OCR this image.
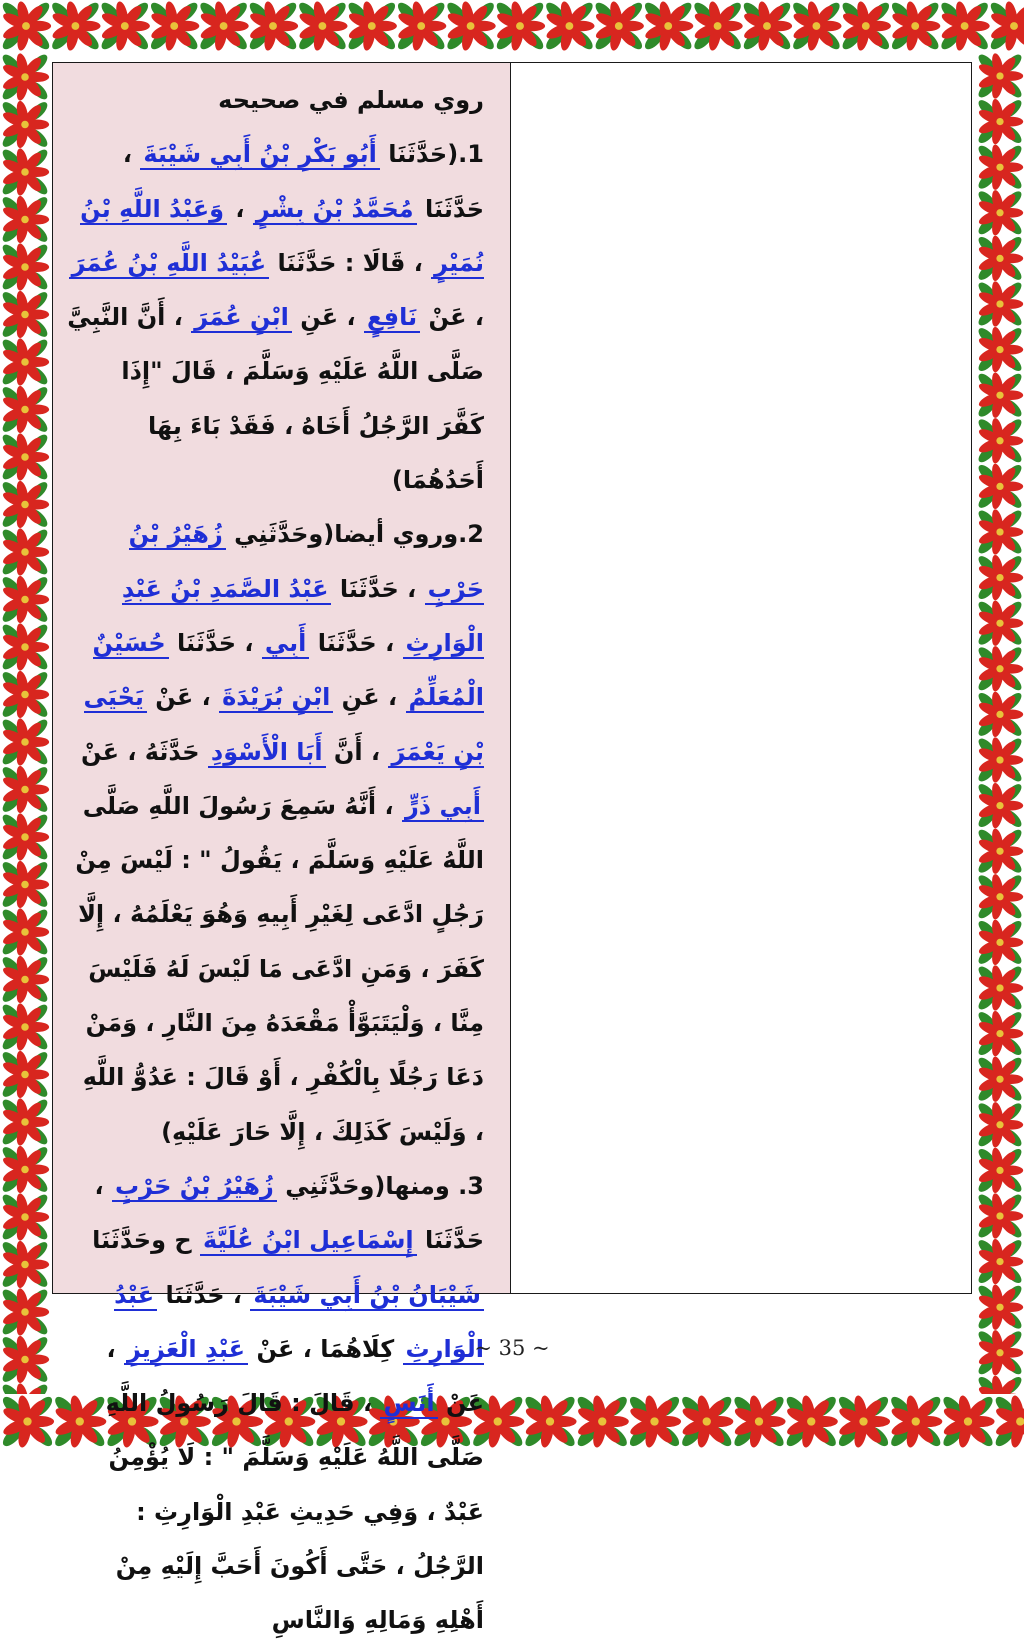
روي مسلم في صحيحه

1.(حَدَّثَنَا أَبُو بَكْرِ بْنُ أَبِي شَيْبَةَ ، حَدَّثَنَا مُحَمَّدُ بْنُ بِشْرٍ ، وَعَبْدُ اللَّهِ بْنُ نُمَيْرٍ ، قَالَا : حَدَّثَنَا عُبَيْدُ اللَّهِ بْنُ عُمَرَ ، عَنْ نَافِعٍ ، عَنِ ابْنِ عُمَرَ ، أَنَّ النَّبِيَّ صَلَّى اللَّهُ عَلَيْهِ وَسَلَّمَ ، قَالَ "إِذَا كَفَّرَ الرَّجُلُ أَخَاهُ ، فَقَدْ بَاءَ بِهَا أَحَدُهُمَا)

2.وروي أيضا(وحَدَّثَنِي زُهَيْرُ بْنُ حَرْبٍ ، حَدَّثَنَا عَبْدُ الصَّمَدِ بْنُ عَبْدِ الْوَارِثِ ، حَدَّثَنَا أَبِي ، حَدَّثَنَا حُسَيْنٌ الْمُعَلِّمُ ، عَنِ ابْنِ بُرَيْدَةَ ، عَنْ يَحْيَى بْنِ يَعْمَرَ ، أَنَّ أَبَا الْأَسْوَدِ حَدَّثَهُ ، عَنْ أَبِي ذَرٍّ ، أَنَّهُ سَمِعَ رَسُولَ اللَّهِ صَلَّى اللَّهُ عَلَيْهِ وَسَلَّمَ ، يَقُولُ " : لَيْسَ مِنْ رَجُلٍ ادَّعَى لِغَيْرِ أَبِيهِ وَهُوَ يَعْلَمُهُ ، إِلَّا كَفَرَ ، وَمَنِ ادَّعَى مَا لَيْسَ لَهُ فَلَيْسَ مِنَّا ، وَلْيَتَبَوَّأْ مَقْعَدَهُ مِنَ النَّارِ ، وَمَنْ دَعَا رَجُلًا بِالْكُفْرِ ، أَوْ قَالَ : عَدُوُّ اللَّهِ ، وَلَيْسَ كَذَلِكَ ، إِلَّا حَارَ عَلَيْهِ)

3. ومنها(وحَدَّثَنِي زُهَيْرُ بْنُ حَرْبٍ ، حَدَّثَنَا إِسْمَاعِيل ابْنُ عُلَيَّةَ ح وحَدَّثَنَا شَيْبَانُ بْنُ أَبِي شَيْبَةَ ، حَدَّثَنَا عَبْدُ الْوَارِثِ كِلَاهُمَا ، عَنْ عَبْدِ الْعَزِيزِ ، عَنْ أَنَسٍ ، قَالَ : قَالَ رَسُولُ اللَّهِ صَلَّى اللَّهُ عَلَيْهِ وَسَلَّمَ " : لَا يُؤْمِنُ عَبْدٌ ، وَفِي حَدِيثِ عَبْدِ الْوَارِثِ : الرَّجُلُ ، حَتَّى أَكُونَ أَحَبَّ إِلَيْهِ مِنْ أَهْلِهِ وَمَالِهِ وَالنَّاسِ

~ 35 ~
